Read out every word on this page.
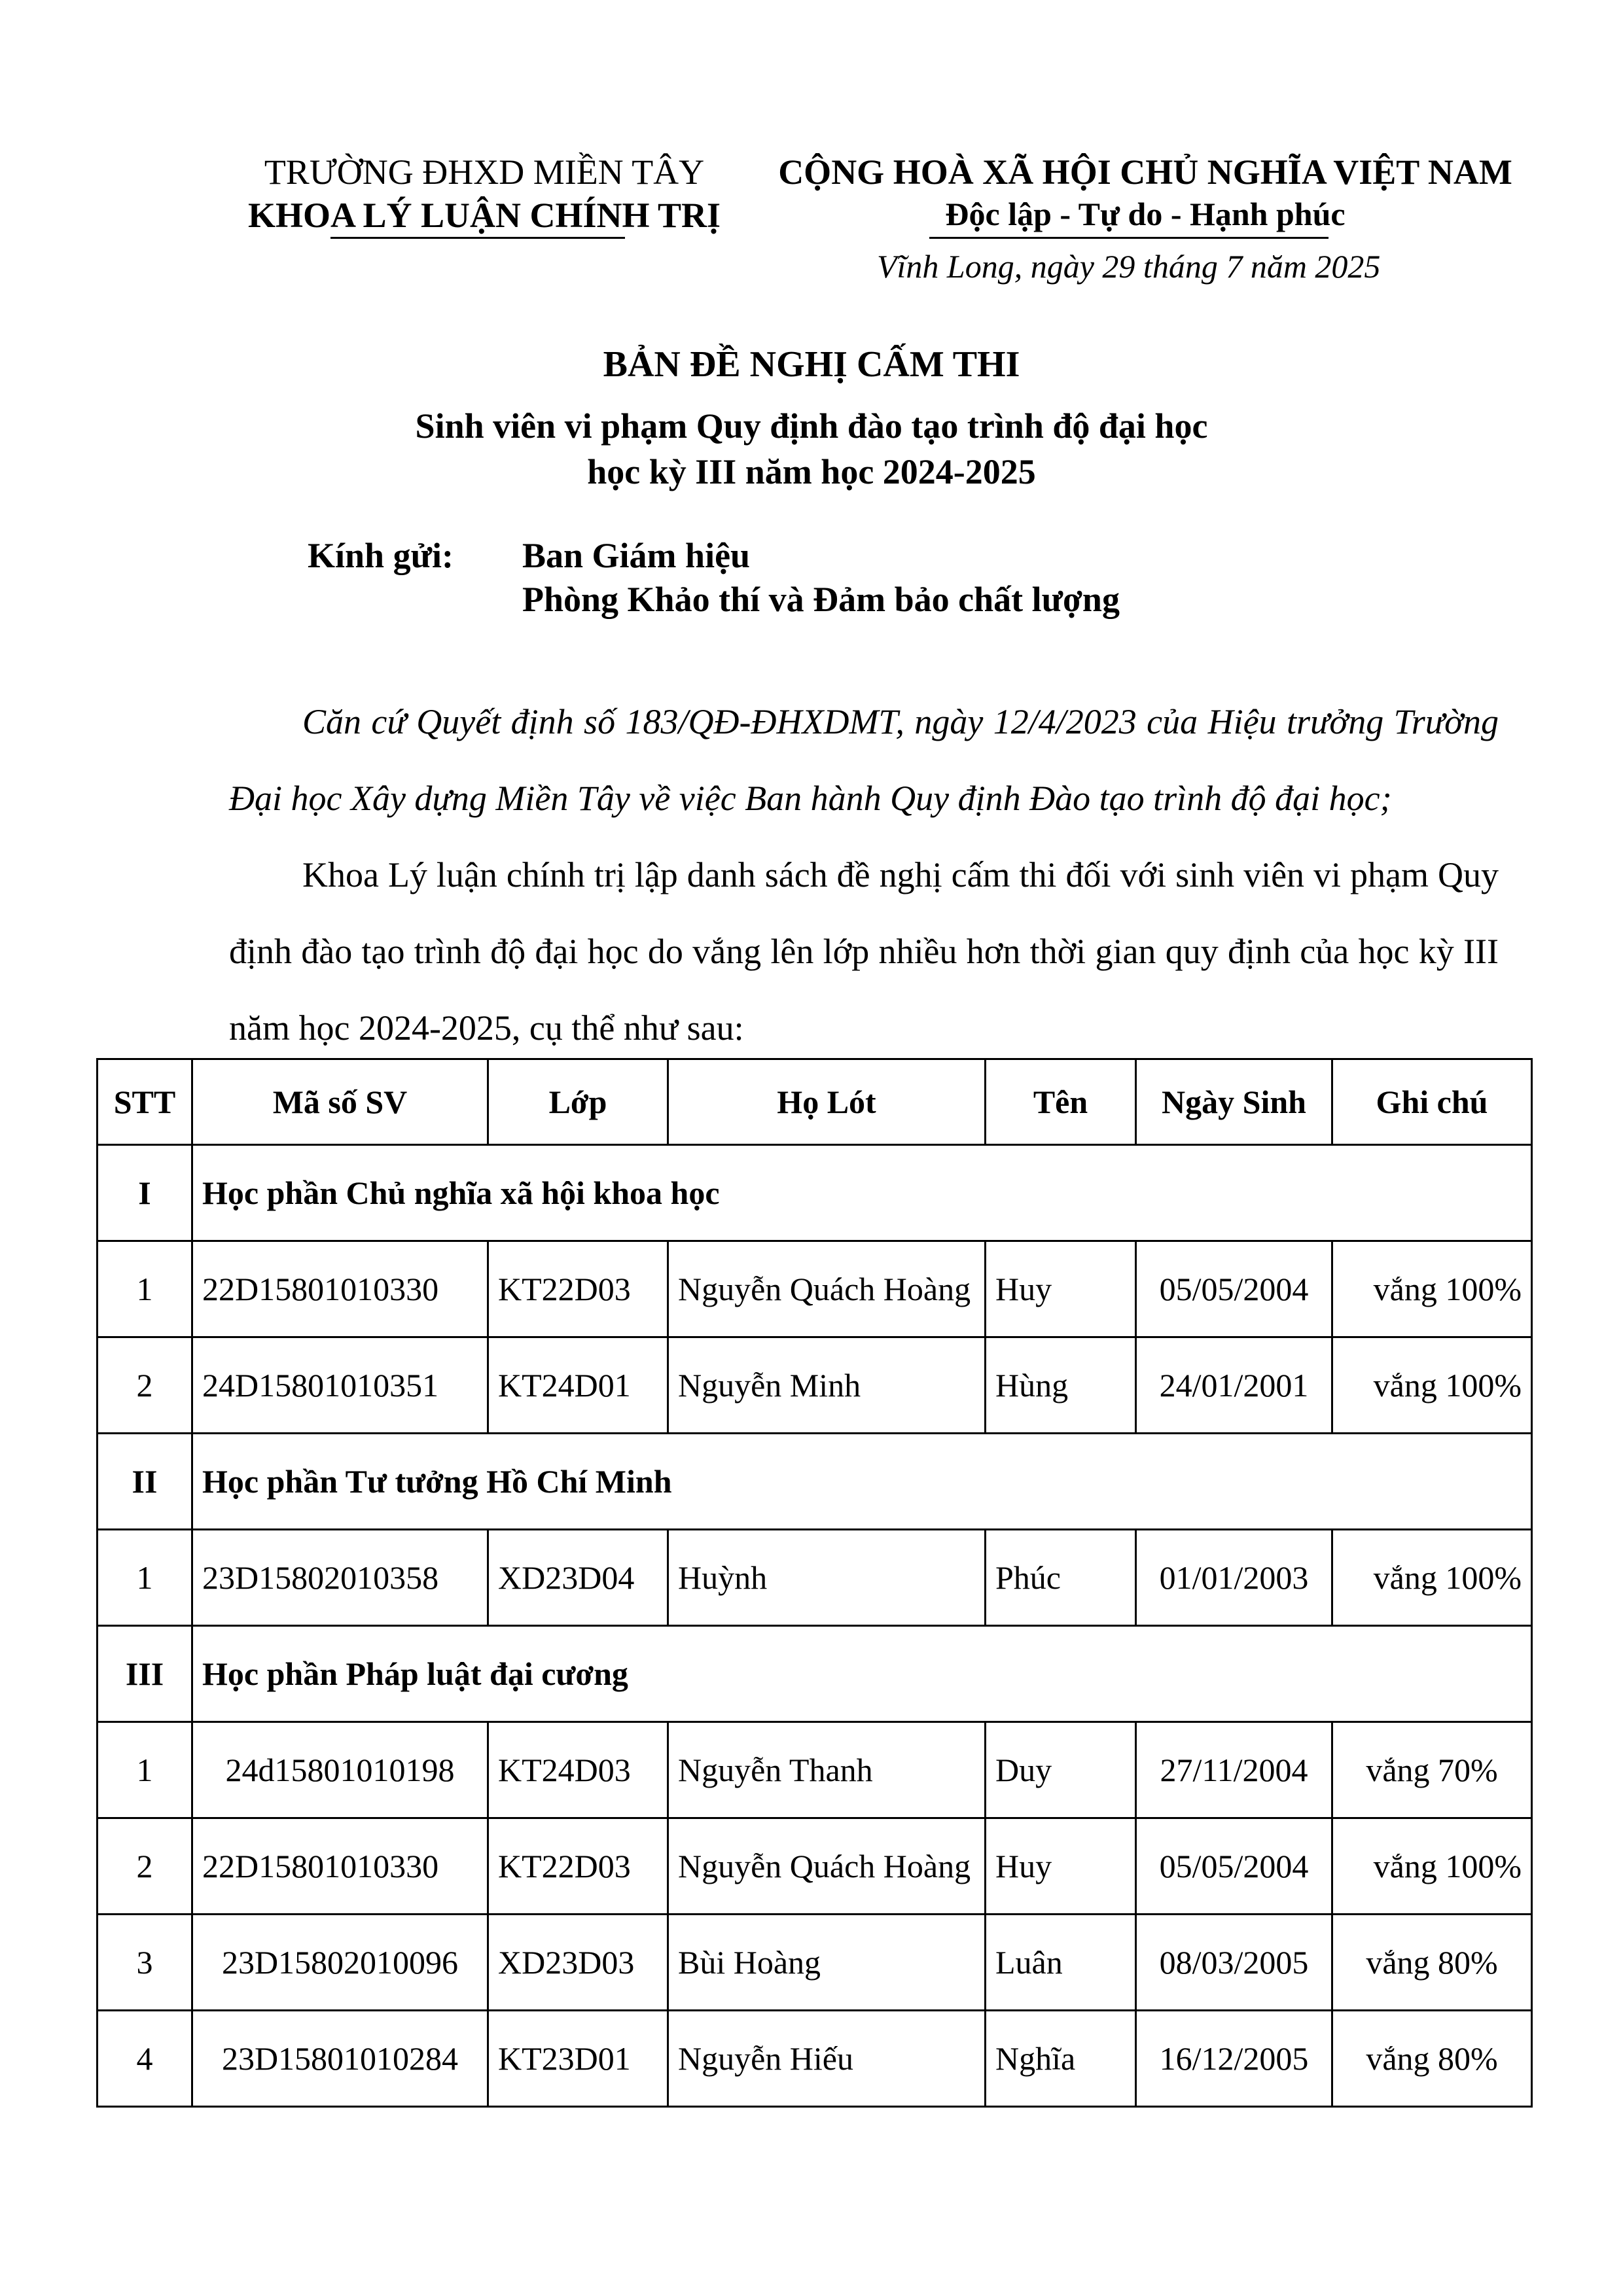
TRƯỜNG ĐHXD MIỀN TÂY
KHOA LÝ LUẬN CHÍNH TRỊ
CỘNG HOÀ XÃ HỘI CHỦ NGHĨA VIỆT NAM
Độc lập - Tự do - Hạnh phúc
Vĩnh Long, ngày 29 tháng 7 năm 2025
BẢN ĐỀ NGHỊ CẤM THI
Sinh viên vi phạm Quy định đào tạo trình độ đại học
học kỳ III năm học 2024-2025
Kính gửi: Ban Giám hiệu
Phòng Khảo thí và Đảm bảo chất lượng

Căn cứ Quyết định số 183/QĐ-ĐHXDMT, ngày 12/4/2023 của Hiệu trưởng Trường Đại học Xây dựng Miền Tây về việc Ban hành Quy định Đào tạo trình độ đại học;

Khoa Lý luận chính trị lập danh sách đề nghị cấm thi đối với sinh viên vi phạm Quy định đào tạo trình độ đại học do vắng lên lớp nhiều hơn thời gian quy định của học kỳ III năm học 2024-2025, cụ thể như sau:

STT	Mã số SV	Lớp	Họ Lót	Tên	Ngày Sinh	Ghi chú
I	Học phần Chủ nghĩa xã hội khoa học					
1	22D15801010330	KT22D03	Nguyễn Quách Hoàng	Huy	05/05/2004	vắng 100%
2	24D15801010351	KT24D01	Nguyễn Minh	Hùng	24/01/2001	vắng 100%
II	Học phần Tư tưởng Hồ Chí Minh					
1	23D15802010358	XD23D04	Huỳnh	Phúc	01/01/2003	vắng 100%
III	Học phần Pháp luật đại cương					
1	24d15801010198	KT24D03	Nguyễn Thanh	Duy	27/11/2004	vắng 70%
2	22D15801010330	KT22D03	Nguyễn Quách Hoàng	Huy	05/05/2004	vắng 100%
3	23D15802010096	XD23D03	Bùi Hoàng	Luân	08/03/2005	vắng 80%
4	23D15801010284	KT23D01	Nguyễn Hiếu	Nghĩa	16/12/2005	vắng 80%
